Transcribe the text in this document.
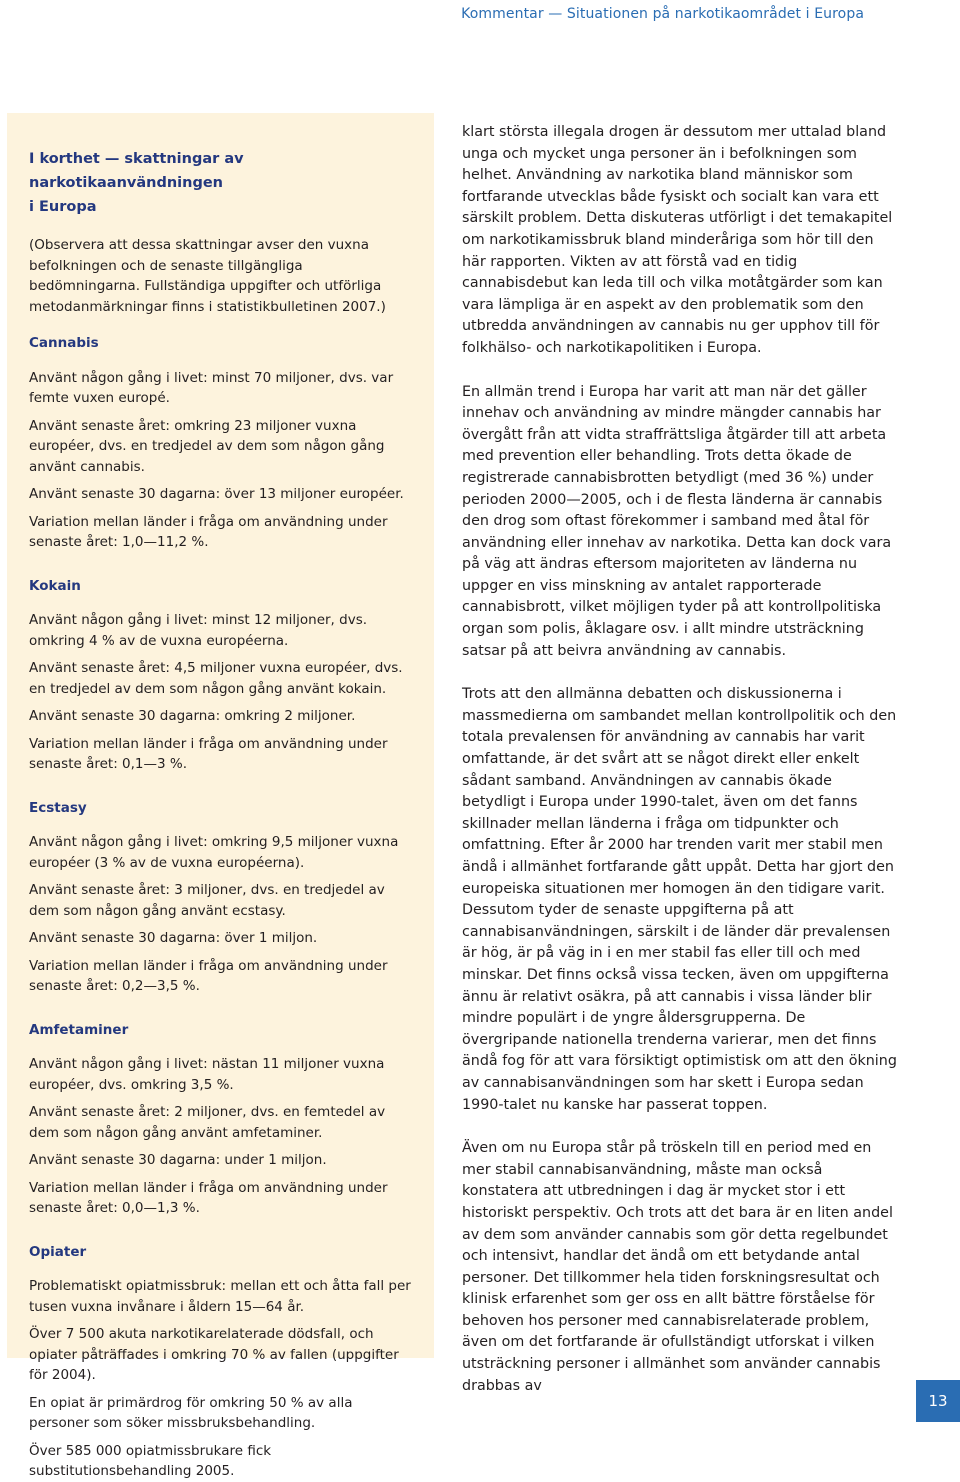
Kommentar — Situationen på narkotikaområdet i Europa
I korthet — skattningar av narkotikaanvändningen
i Europa

(Observera att dessa skattningar avser den vuxna befolkningen och de senaste tillgängliga bedömningarna. Fullständiga uppgifter och utförliga metodanmärkningar finns i statistikbulletinen 2007.)

Cannabis

Använt någon gång i livet: minst 70 miljoner, dvs. var femte vuxen europé.

Använt senaste året: omkring 23 miljoner vuxna européer, dvs. en tredjedel av dem som någon gång använt cannabis.

Använt senaste 30 dagarna: över 13 miljoner européer.

Variation mellan länder i fråga om användning under senaste året: 1,0—11,2 %.

Kokain

Använt någon gång i livet: minst 12 miljoner, dvs. omkring 4 % av de vuxna européerna.

Använt senaste året: 4,5 miljoner vuxna européer, dvs. en tredjedel av dem som någon gång använt kokain.

Använt senaste 30 dagarna: omkring 2 miljoner.

Variation mellan länder i fråga om användning under senaste året: 0,1—3 %.

Ecstasy

Använt någon gång i livet: omkring 9,5 miljoner vuxna européer (3 % av de vuxna européerna).

Använt senaste året: 3 miljoner, dvs. en tredjedel av dem som någon gång använt ecstasy.

Använt senaste 30 dagarna: över 1 miljon.

Variation mellan länder i fråga om användning under senaste året: 0,2—3,5 %.

Amfetaminer

Använt någon gång i livet: nästan 11 miljoner vuxna européer, dvs. omkring 3,5 %.

Använt senaste året: 2 miljoner, dvs. en femtedel av dem som någon gång använt amfetaminer.

Använt senaste 30 dagarna: under 1 miljon.

Variation mellan länder i fråga om användning under senaste året: 0,0—1,3 %.

Opiater

Problematiskt opiatmissbruk: mellan ett och åtta fall per tusen vuxna invånare i åldern 15—64 år.

Över 7 500 akuta narkotikarelaterade dödsfall, och opiater påträffades i omkring 70 % av fallen (uppgifter för 2004).

En opiat är primärdrog för omkring 50 % av alla personer som söker missbruksbehandling.

Över 585 000 opiatmissbrukare fick substitutionsbehandling 2005.

klart största illegala drogen är dessutom mer uttalad bland unga och mycket unga personer än i befolkningen som helhet. Användning av narkotika bland människor som fortfarande utvecklas både fysiskt och socialt kan vara ett särskilt problem. Detta diskuteras utförligt i det temakapitel om narkotikamissbruk bland minderåriga som hör till den här rapporten. Vikten av att förstå vad en tidig cannabisdebut kan leda till och vilka motåtgärder som kan vara lämpliga är en aspekt av den problematik som den utbredda användningen av cannabis nu ger upphov till för folkhälso- och narkotikapolitiken i Europa.

En allmän trend i Europa har varit att man när det gäller innehav och användning av mindre mängder cannabis har övergått från att vidta straffrättsliga åtgärder till att arbeta med prevention eller behandling. Trots detta ökade de registrerade cannabisbrotten betydligt (med 36 %) under perioden 2000—2005, och i de flesta länderna är cannabis den drog som oftast förekommer i samband med åtal för användning eller innehav av narkotika. Detta kan dock vara på väg att ändras eftersom majoriteten av länderna nu uppger en viss minskning av antalet rapporterade cannabisbrott, vilket möjligen tyder på att kontrollpolitiska organ som polis, åklagare osv. i allt mindre utsträckning satsar på att beivra användning av cannabis.

Trots att den allmänna debatten och diskussionerna i massmedierna om sambandet mellan kontrollpolitik och den totala prevalensen för användning av cannabis har varit omfattande, är det svårt att se något direkt eller enkelt sådant samband. Användningen av cannabis ökade betydligt i Europa under 1990-talet, även om det fanns skillnader mellan länderna i fråga om tidpunkter och omfattning. Efter år 2000 har trenden varit mer stabil men ändå i allmänhet fortfarande gått uppåt. Detta har gjort den europeiska situationen mer homogen än den tidigare varit. Dessutom tyder de senaste uppgifterna på att cannabisanvändningen, särskilt i de länder där prevalensen är hög, är på väg in i en mer stabil fas eller till och med minskar. Det finns också vissa tecken, även om uppgifterna ännu är relativt osäkra, på att cannabis i vissa länder blir mindre populärt i de yngre åldersgrupperna. De övergripande nationella trenderna varierar, men det finns ändå fog för att vara försiktigt optimistisk om att den ökning av cannabisanvändningen som har skett i Europa sedan 1990-talet nu kanske har passerat toppen.

Även om nu Europa står på tröskeln till en period med en mer stabil cannabisanvändning, måste man också konstatera att utbredningen i dag är mycket stor i ett historiskt perspektiv. Och trots att det bara är en liten andel av dem som använder cannabis som gör detta regelbundet och intensivt, handlar det ändå om ett betydande antal personer. Det tillkommer hela tiden forskningsresultat och klinisk erfarenhet som ger oss en allt bättre förståelse för behoven hos personer med cannabisrelaterade problem, även om det fortfarande är ofullständigt utforskat i vilken utsträckning personer i allmänhet som använder cannabis drabbas av

13
